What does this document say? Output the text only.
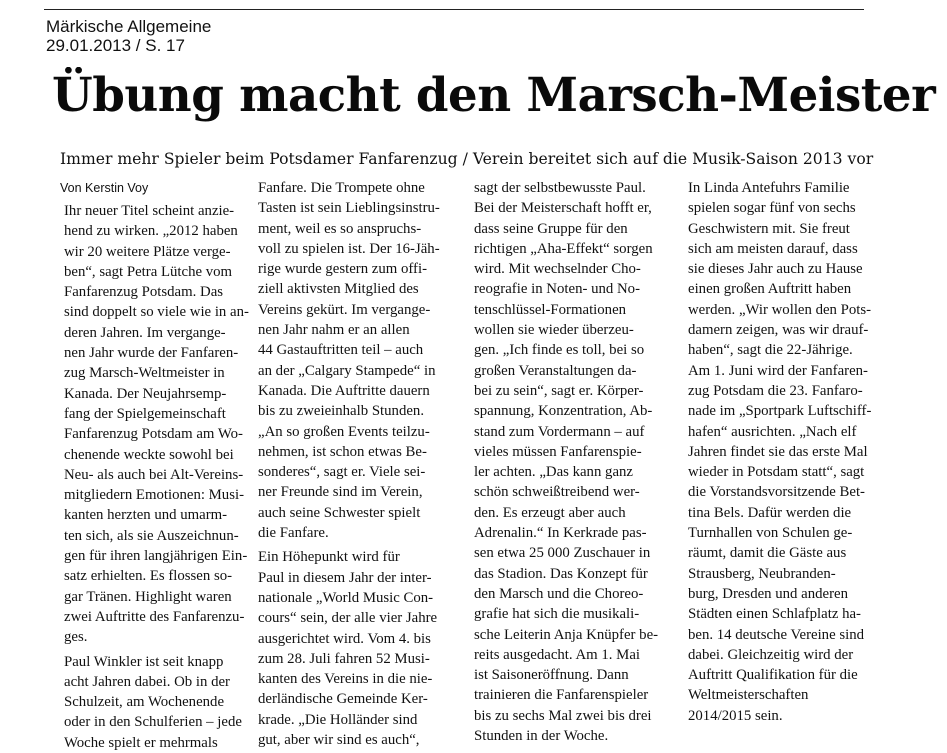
Märkische Allgemeine
29.01.2013 / S. 17
Übung macht den Marsch-Meister
Immer mehr Spieler beim Potsdamer Fanfarenzug / Verein bereitet sich auf die Musik-Saison 2013 vor
Von Kerstin Voy
Ihr neuer Titel scheint anzie-
hend zu wirken. „2012 haben
wir 20 weitere Plätze verge-
ben“, sagt Petra Lütche vom
Fanfarenzug Potsdam. Das
sind doppelt so viele wie in an-
deren Jahren. Im vergange-
nen Jahr wurde der Fanfaren-
zug Marsch-Weltmeister in
Kanada. Der Neujahrsemp-
fang der Spielgemeinschaft
Fanfarenzug Potsdam am Wo-
chenende weckte sowohl bei
Neu- als auch bei Alt-Vereins-
mitgliedern Emotionen: Musi-
kanten herzten und umarm-
ten sich, als sie Auszeichnun-
gen für ihren langjährigen Ein-
satz erhielten. Es flossen so-
gar Tränen. Highlight waren
zwei Auftritte des Fanfarenzu-
ges.
Paul Winkler ist seit knapp
acht Jahren dabei. Ob in der
Schulzeit, am Wochenende
oder in den Schulferien – jede
Woche spielt er mehrmals
Fanfare. Die Trompete ohne
Tasten ist sein Lieblingsinstru-
ment, weil es so anspruchs-
voll zu spielen ist. Der 16-Jäh-
rige wurde gestern zum offi-
ziell aktivsten Mitglied des
Vereins gekürt. Im vergange-
nen Jahr nahm er an allen
44 Gastauftritten teil – auch
an der „Calgary Stampede“ in
Kanada. Die Auftritte dauern
bis zu zweieinhalb Stunden.
„An so großen Events teilzu-
nehmen, ist schon etwas Be-
sonderes“, sagt er. Viele sei-
ner Freunde sind im Verein,
auch seine Schwester spielt
die Fanfare.
Ein Höhepunkt wird für
Paul in diesem Jahr der inter-
nationale „World Music Con-
cours“ sein, der alle vier Jahre
ausgerichtet wird. Vom 4. bis
zum 28. Juli fahren 52 Musi-
kanten des Vereins in die nie-
derländische Gemeinde Ker-
krade. „Die Holländer sind
gut, aber wir sind es auch“,
sagt der selbstbewusste Paul.
Bei der Meisterschaft hofft er,
dass seine Gruppe für den
richtigen „Aha-Effekt“ sorgen
wird. Mit wechselnder Cho-
reografie in Noten- und No-
tenschlüssel-Formationen
wollen sie wieder überzeu-
gen. „Ich finde es toll, bei so
großen Veranstaltungen da-
bei zu sein“, sagt er. Körper-
spannung, Konzentration, Ab-
stand zum Vordermann – auf
vieles müssen Fanfarenspie-
ler achten. „Das kann ganz
schön schweißtreibend wer-
den. Es erzeugt aber auch
Adrenalin.“ In Kerkrade pas-
sen etwa 25 000 Zuschauer in
das Stadion. Das Konzept für
den Marsch und die Choreo-
grafie hat sich die musikali-
sche Leiterin Anja Knüpfer be-
reits ausgedacht. Am 1. Mai
ist Saisoneröffnung. Dann
trainieren die Fanfarenspieler
bis zu sechs Mal zwei bis drei
Stunden in der Woche.
In Linda Antefuhrs Familie
spielen sogar fünf von sechs
Geschwistern mit. Sie freut
sich am meisten darauf, dass
sie dieses Jahr auch zu Hause
einen großen Auftritt haben
werden. „Wir wollen den Pots-
damern zeigen, was wir drauf-
haben“, sagt die 22-Jährige.
Am 1. Juni wird der Fanfaren-
zug Potsdam die 23. Fanfaro-
nade im „Sportpark Luftschiff-
hafen“ ausrichten. „Nach elf
Jahren findet sie das erste Mal
wieder in Potsdam statt“, sagt
die Vorstandsvorsitzende Bet-
tina Bels. Dafür werden die
Turnhallen von Schulen ge-
räumt, damit die Gäste aus
Strausberg, Neubranden-
burg, Dresden und anderen
Städten einen Schlafplatz ha-
ben. 14 deutsche Vereine sind
dabei. Gleichzeitig wird der
Auftritt Qualifikation für die
Weltmeisterschaften
2014/2015 sein.
